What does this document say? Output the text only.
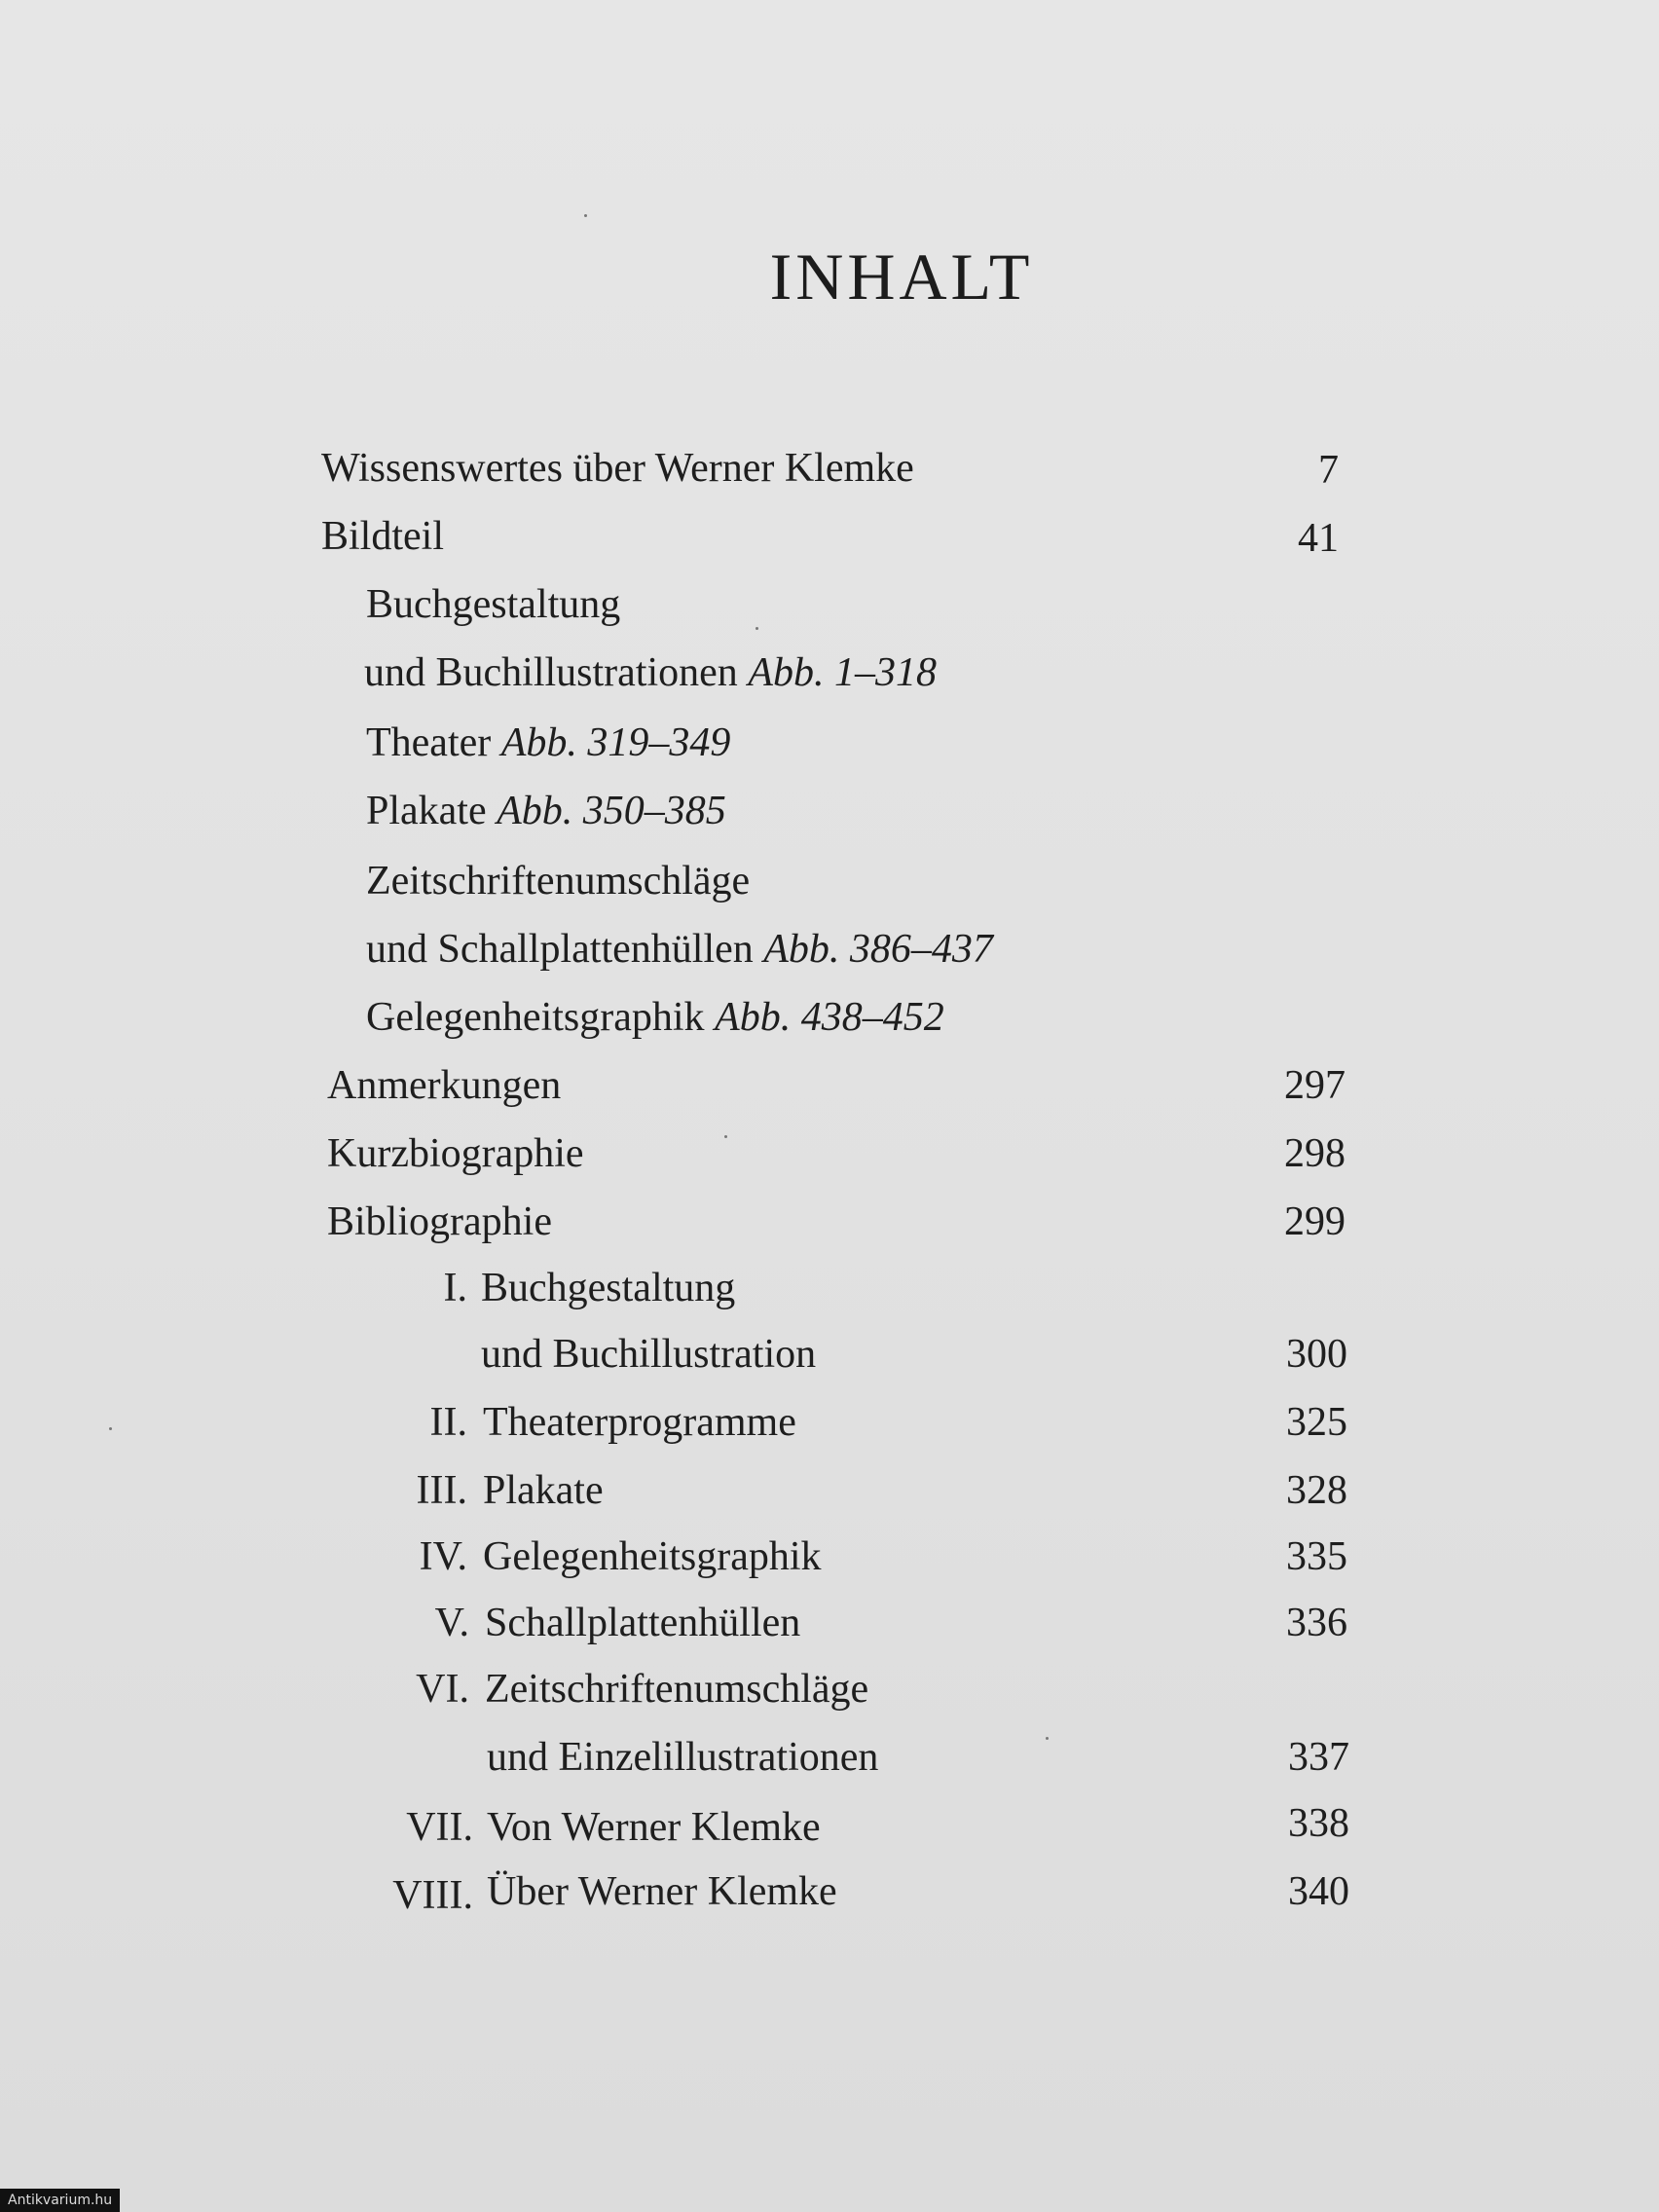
INHALT
Wissenswertes über Werner Klemke	7
Bildteil	41
Buchgestaltung
und Buchillustrationen Abb. 1–318
Theater Abb. 319–349
Plakate Abb. 350–385
Zeitschriftenumschläge
und Schallplattenhüllen Abb. 386–437
Gelegenheitsgraphik Abb. 438–452
Anmerkungen	297
Kurzbiographie	298
Bibliographie	299
I. Buchgestaltung
und Buchillustration	300
II. Theaterprogramme	325
III. Plakate	328
IV. Gelegenheitsgraphik	335
V. Schallplattenhüllen	336
VI. Zeitschriftenumschläge
und Einzelillustrationen	337
VII. Von Werner Klemke	338
VIII. Über Werner Klemke	340
Antikvarium.hu
